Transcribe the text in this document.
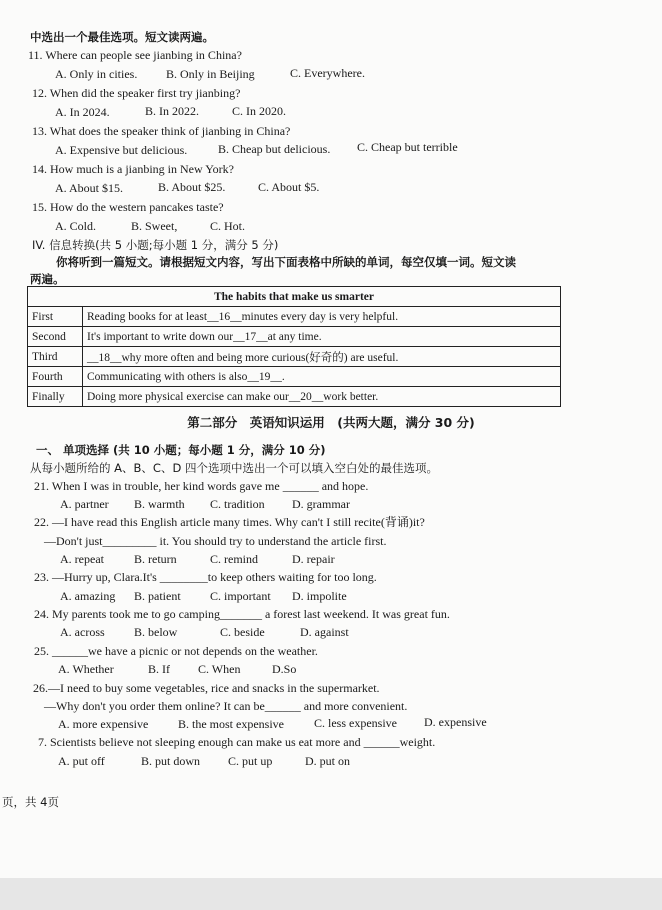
中选出一个最佳选项。短文读两遍。
11. Where can people see jianbing in China?
A. Only in cities. B. Only in Beijing	C. Everywhere.
12. When did the speaker first try jianbing?
A. In 2024.	B. In 2022.	C. In 2020.
13. What does the speaker think of jianbing in China?
A. Expensive but delicious.	B. Cheap but delicious. C. Cheap but terrible
14. How much is a jianbing in New York?
A. About $15.	B. About $25.	C. About $5.
15. How do the western pancakes taste?
A. Cold.	B. Sweet,	C. Hot.
IV. 信息转换(共 5 小题;每小题 1 分，满分 5 分)
你将听到一篇短文。请根据短文内容，写出下面表格中所缺的单词，每空仅填一词。短文读
两遍。
The habits that make us smarter	
First	Reading books for at least__16__minutes every day is very helpful.
Second	It's important to write down our__17__at any time.
Third	__18__why more often and being more curious(好奇的) are useful.
Fourth	Communicating with others is also__19__.
Finally	Doing more physical exercise can make our__20__work better.
第二部分　英语知识运用　(共两大题，满分 30 分)
一、 单项选择 (共 10 小题；每小题 1 分，满分 10 分)
从每小题所给的 A、B、C、D 四个选项中选出一个可以填入空白处的最佳选项。
21. When I was in trouble, her kind words gave me ______ and hope.
A. partner B. warmth C. tradition D. grammar
22. —I have read this English article many times. Why can't I still recite(背诵)it?
—Don't just_________ it. You should try to understand the article first.
A. repeat	B. return	C. remind	D. repair
23. —Hurry up, Clara.It's ________to keep others waiting for too long.
A. amazing B. patient C. important D. impolite
24. My parents took me to go camping_______ a forest last weekend. It was great fun.
A. across B. below	C. beside	D. against
25. ______we have a picnic or not depends on the weather.
A. Whether	B. If C. When	D.So
26.—I need to buy some vegetables, rice and snacks in the supermarket.
—Why don't you order them online? It can be______ and more convenient.
A. more expensive B. the most expensive	C. less expensive D. expensive
7. Scientists believe not sleeping enough can make us eat more and ______weight.
A. put off	B. put down C. put up	D. put on
页，共 4页
